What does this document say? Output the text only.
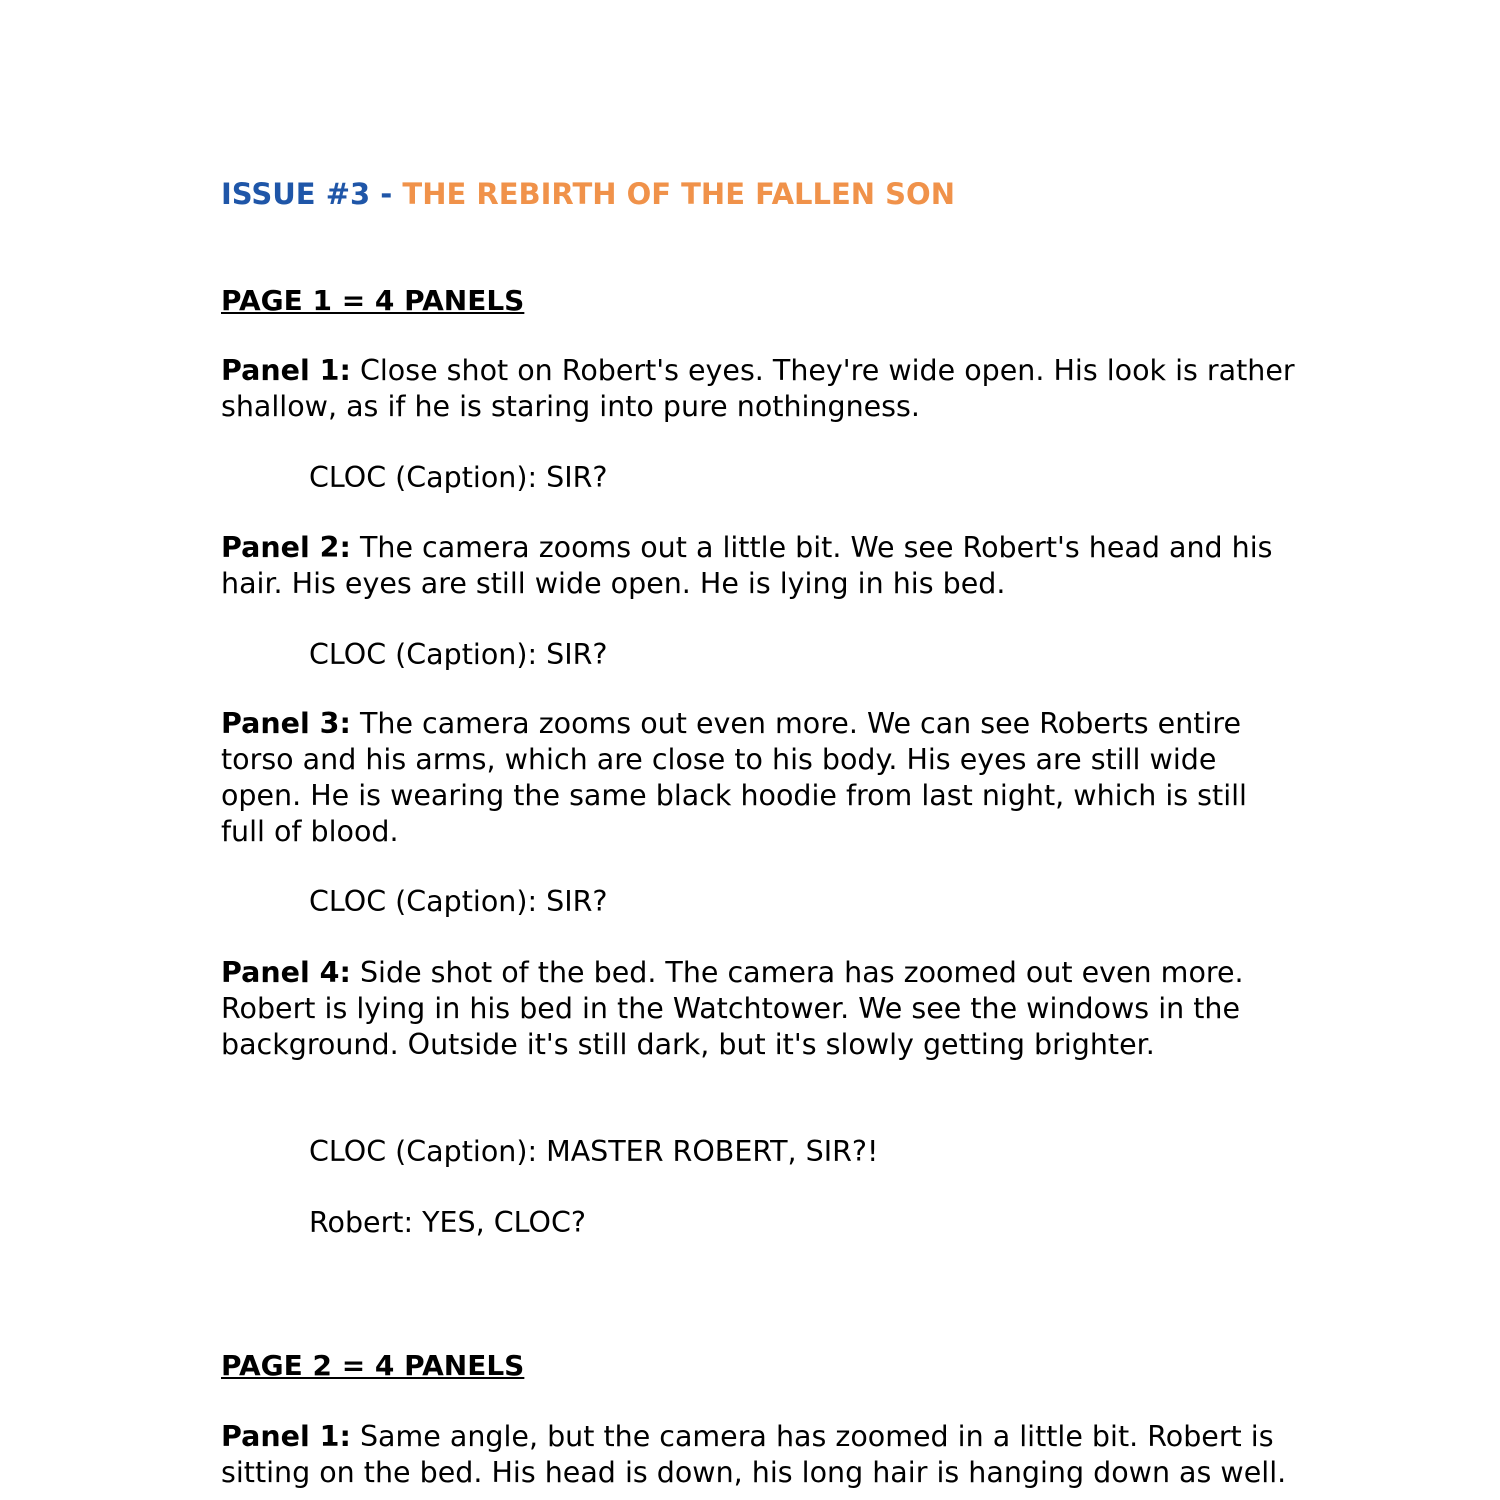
ISSUE #3 - THE REBIRTH OF THE FALLEN SON
PAGE 1 = 4 PANELS

Panel 1: Close shot on Robert's eyes. They're wide open. His look is rather shallow, as if he is staring into pure nothingness.

CLOC (Caption): SIR?

Panel 2: The camera zooms out a little bit. We see Robert's head and his hair. His eyes are still wide open. He is lying in his bed.

CLOC (Caption): SIR?

Panel 3: The camera zooms out even more. We can see Roberts entire torso and his arms, which are close to his body. His eyes are still wide open. He is wearing the same black hoodie from last night, which is still full of blood.

CLOC (Caption): SIR?

Panel 4: Side shot of the bed. The camera has zoomed out even more. Robert is lying in his bed in the Watchtower. We see the windows in the background. Outside it's still dark, but it's slowly getting brighter.

CLOC (Caption): MASTER ROBERT, SIR?!

Robert: YES, CLOC?

PAGE 2 = 4 PANELS

Panel 1: Same angle, but the camera has zoomed in a little bit. Robert is sitting on the bed. His head is down, his long hair is hanging down as well.
